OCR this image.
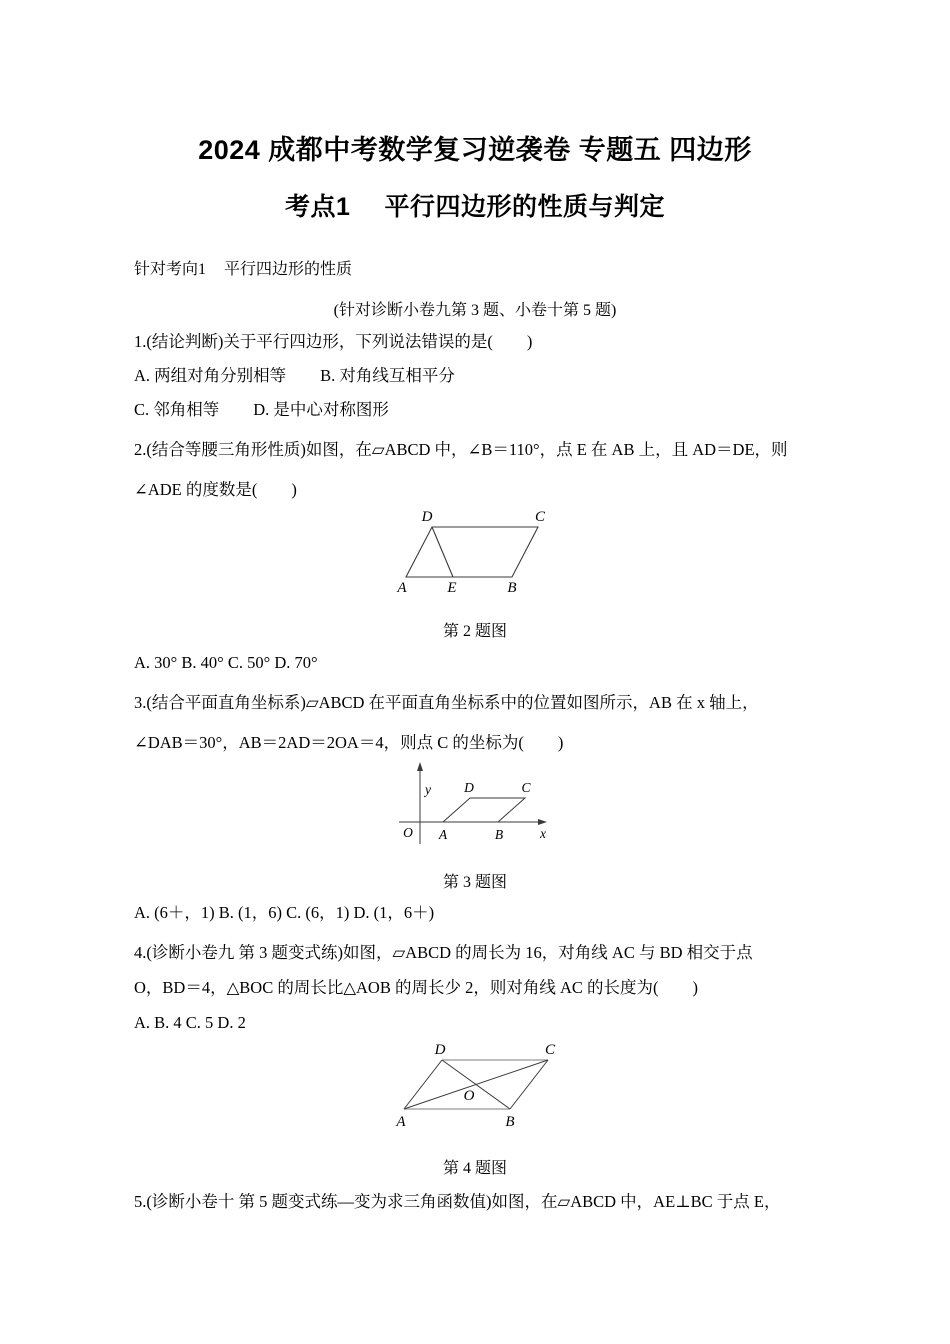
2024 成都中考数学复习逆袭卷 专题五 四边形
考点1 平行四边形的性质与判定
针对考向1 平行四边形的性质
(针对诊断小卷九第 3 题、小卷十第 5 题)
1.(结论判断)关于平行四边形，下列说法错误的是( )
A. 两组对角分别相等 B. 对角线互相平分
C. 邻角相等 D. 是中心对称图形
2.(结合等腰三角形性质)如图，在▱ABCD 中，∠B＝110°，点 E 在 AB 上，且 AD＝DE，则
∠ADE 的度数是( )
D	C
A	E	B
第 2 题图
A. 30° B. 40° C. 50° D. 70°
3.(结合平面直角坐标系)▱ABCD 在平面直角坐标系中的位置如图所示，AB 在 x 轴上，
∠DAB＝30°，AB＝2AD＝2OA＝4，则点 C 的坐标为( )
y
x
O A	B
D	C
第 3 题图
A. (6＋，1) B. (1，6) C. (6，1) D. (1，6＋)
4.(诊断小卷九 第 3 题变式练)如图，▱ABCD 的周长为 16，对角线 AC 与 BD 相交于点
O，BD＝4，△BOC 的周长比△AOB 的周长少 2，则对角线 AC 的长度为( )
A. B. 4 C. 5 D. 2
D	C
A	B
O
第 4 题图
5.(诊断小卷十 第 5 题变式练—变为求三角函数值)如图，在▱ABCD 中，AE⊥BC 于点 E，
